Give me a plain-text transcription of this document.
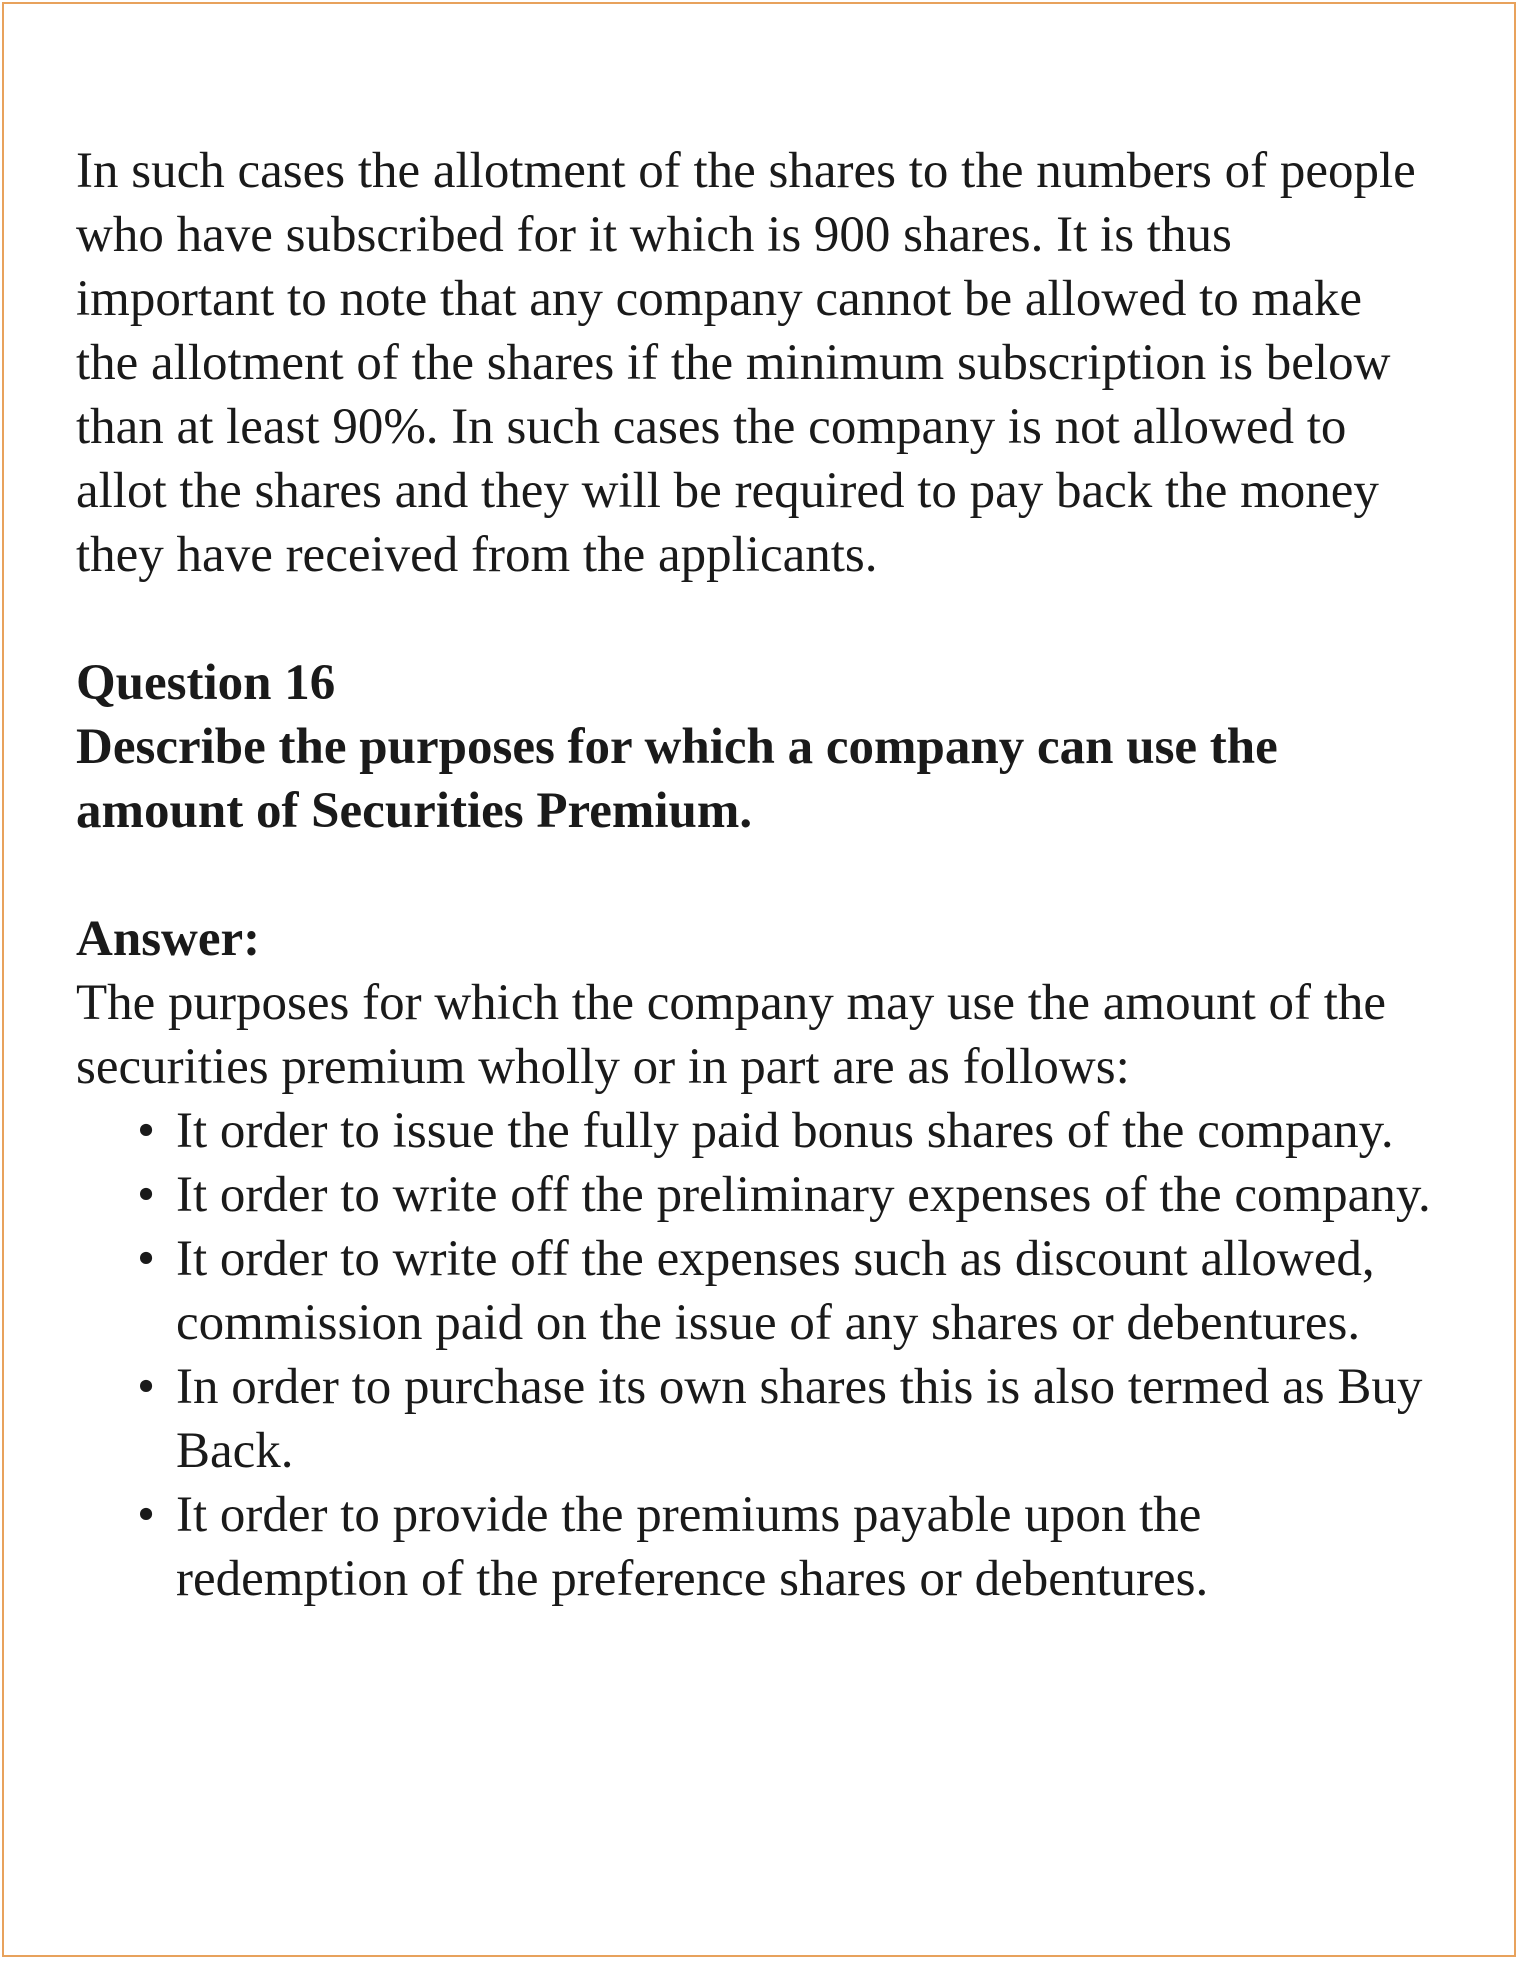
In such cases the allotment of the shares to the numbers of people who have subscribed for it which is 900 shares. It is thus important to note that any company cannot be allowed to make the allotment of the shares if the minimum subscription is below than at least 90%. In such cases the company is not allowed to allot the shares and they will be required to pay back the money they have received from the applicants.

Question 16
Describe the purposes for which a company can use the amount of Securities Premium.
Answer:
The purposes for which the company may use the amount of the securities premium wholly or in part are as follows:
• It order to issue the fully paid bonus shares of the company.
• It order to write off the preliminary expenses of the company.
• It order to write off the expenses such as discount allowed, commission paid on the issue of any shares or debentures.
• In order to purchase its own shares this is also termed as Buy Back.
• It order to provide the premiums payable upon the redemption of the preference shares or debentures.
